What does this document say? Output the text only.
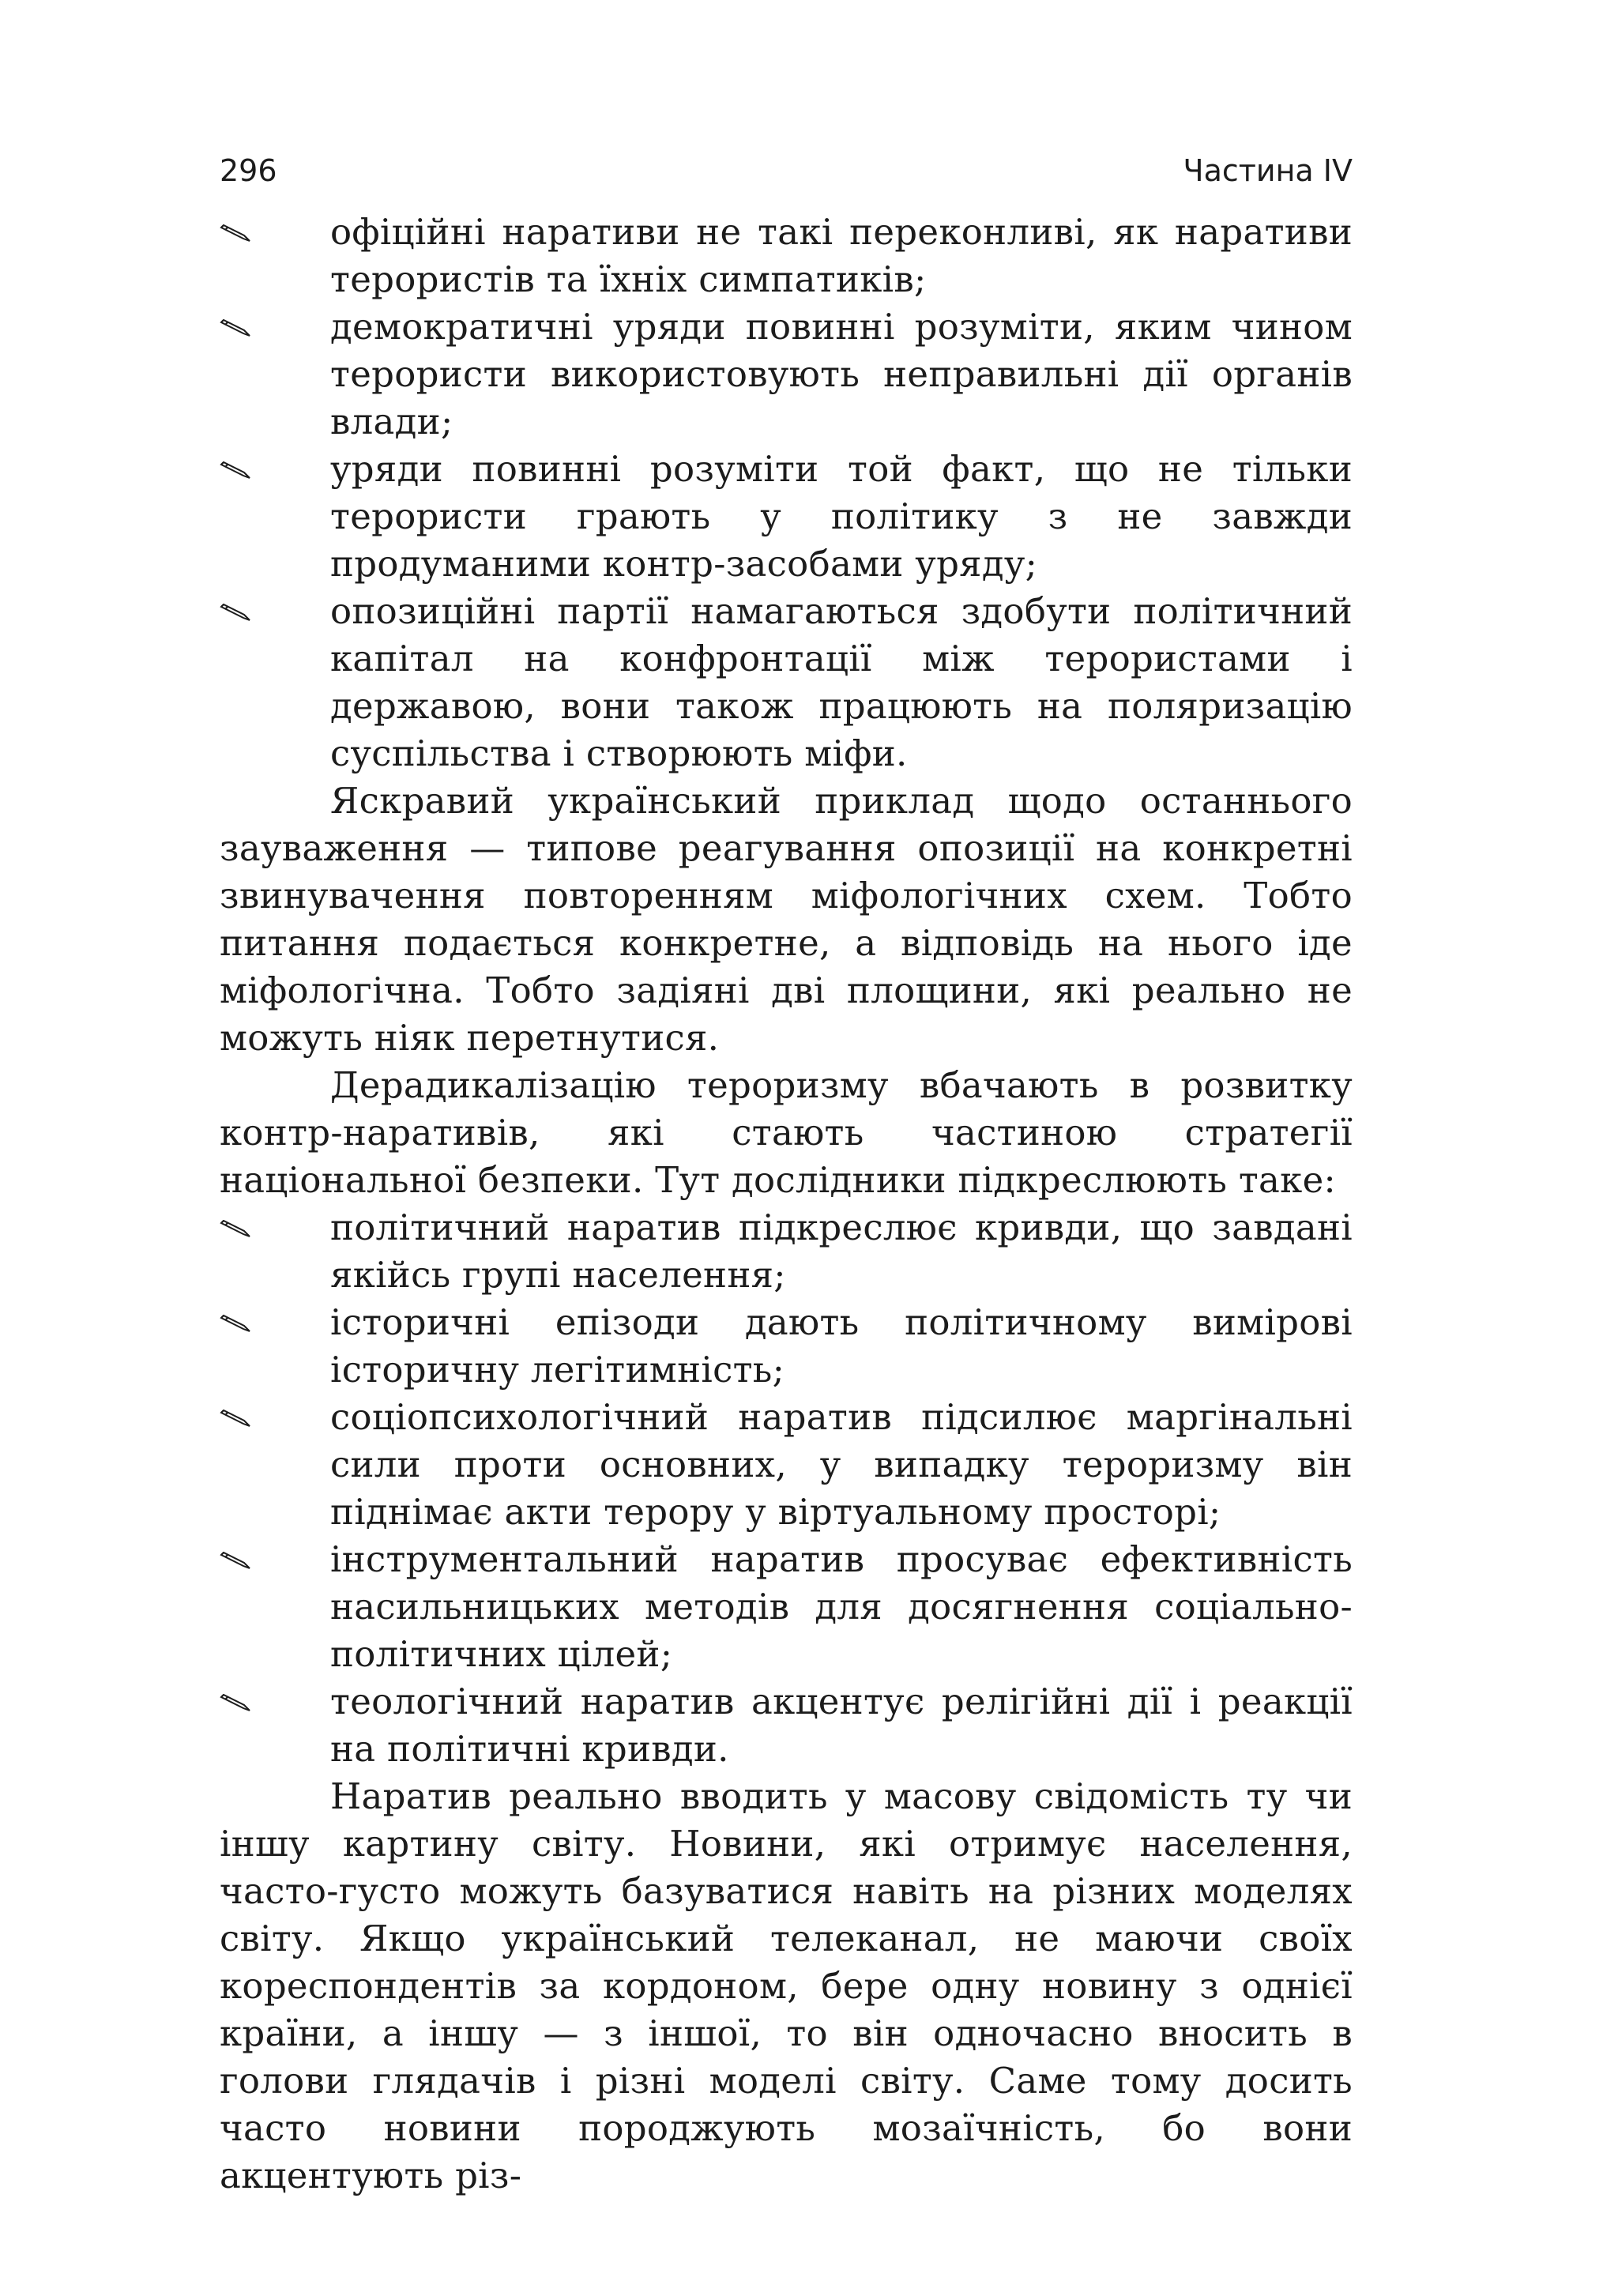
296	Частина IV
офіційні наративи не такі переконливі, як наративи терористів та їхніх симпатиків;
демократичні уряди повинні розуміти, яким чином терористи використовують неправильні дії органів влади;
уряди повинні розуміти той факт, що не тільки терористи грають у політику з не завжди продуманими контр-засобами уряду;
опозиційні партії намагаються здобути політичний капітал на конфронтації між терористами і державою, вони також працюють на поляризацію суспільства і створюють міфи.

Яскравий український приклад щодо останнього зауваження — типове реагування опозиції на конкретні звинувачення повторенням міфологічних схем. Тобто питання подається конкретне, а відповідь на нього іде міфологічна. Тобто задіяні дві площини, які реально не можуть ніяк перетнутися.

Дерадикалізацію тероризму вбачають в розвитку контр-наративів, які стають частиною стратегії національної безпеки. Тут дослідники підкреслюють таке:

політичний наратив підкреслює кривди, що завдані якійсь групі населення;
історичні епізоди дають політичному вимірові історичну легітимність;
соціопсихологічний наратив підсилює маргінальні сили проти основних, у випадку тероризму він піднімає акти терору у віртуальному просторі;
інструментальний наратив просуває ефективність насильницьких методів для досягнення соціально-політичних цілей;
теологічний наратив акцентує релігійні дії і реакції на політичні кривди.

Наратив реально вводить у масову свідомість ту чи іншу картину світу. Новини, які отримує населення, часто-густо можуть базуватися навіть на різних моделях світу. Якщо український телеканал, не маючи своїх кореспондентів за кордоном, бере одну новину з однієї країни, а іншу — з іншої, то він одночасно вносить в голови глядачів і різні моделі світу. Саме тому досить часто новини породжують мозаїчність, бо вони акцентують різ-
